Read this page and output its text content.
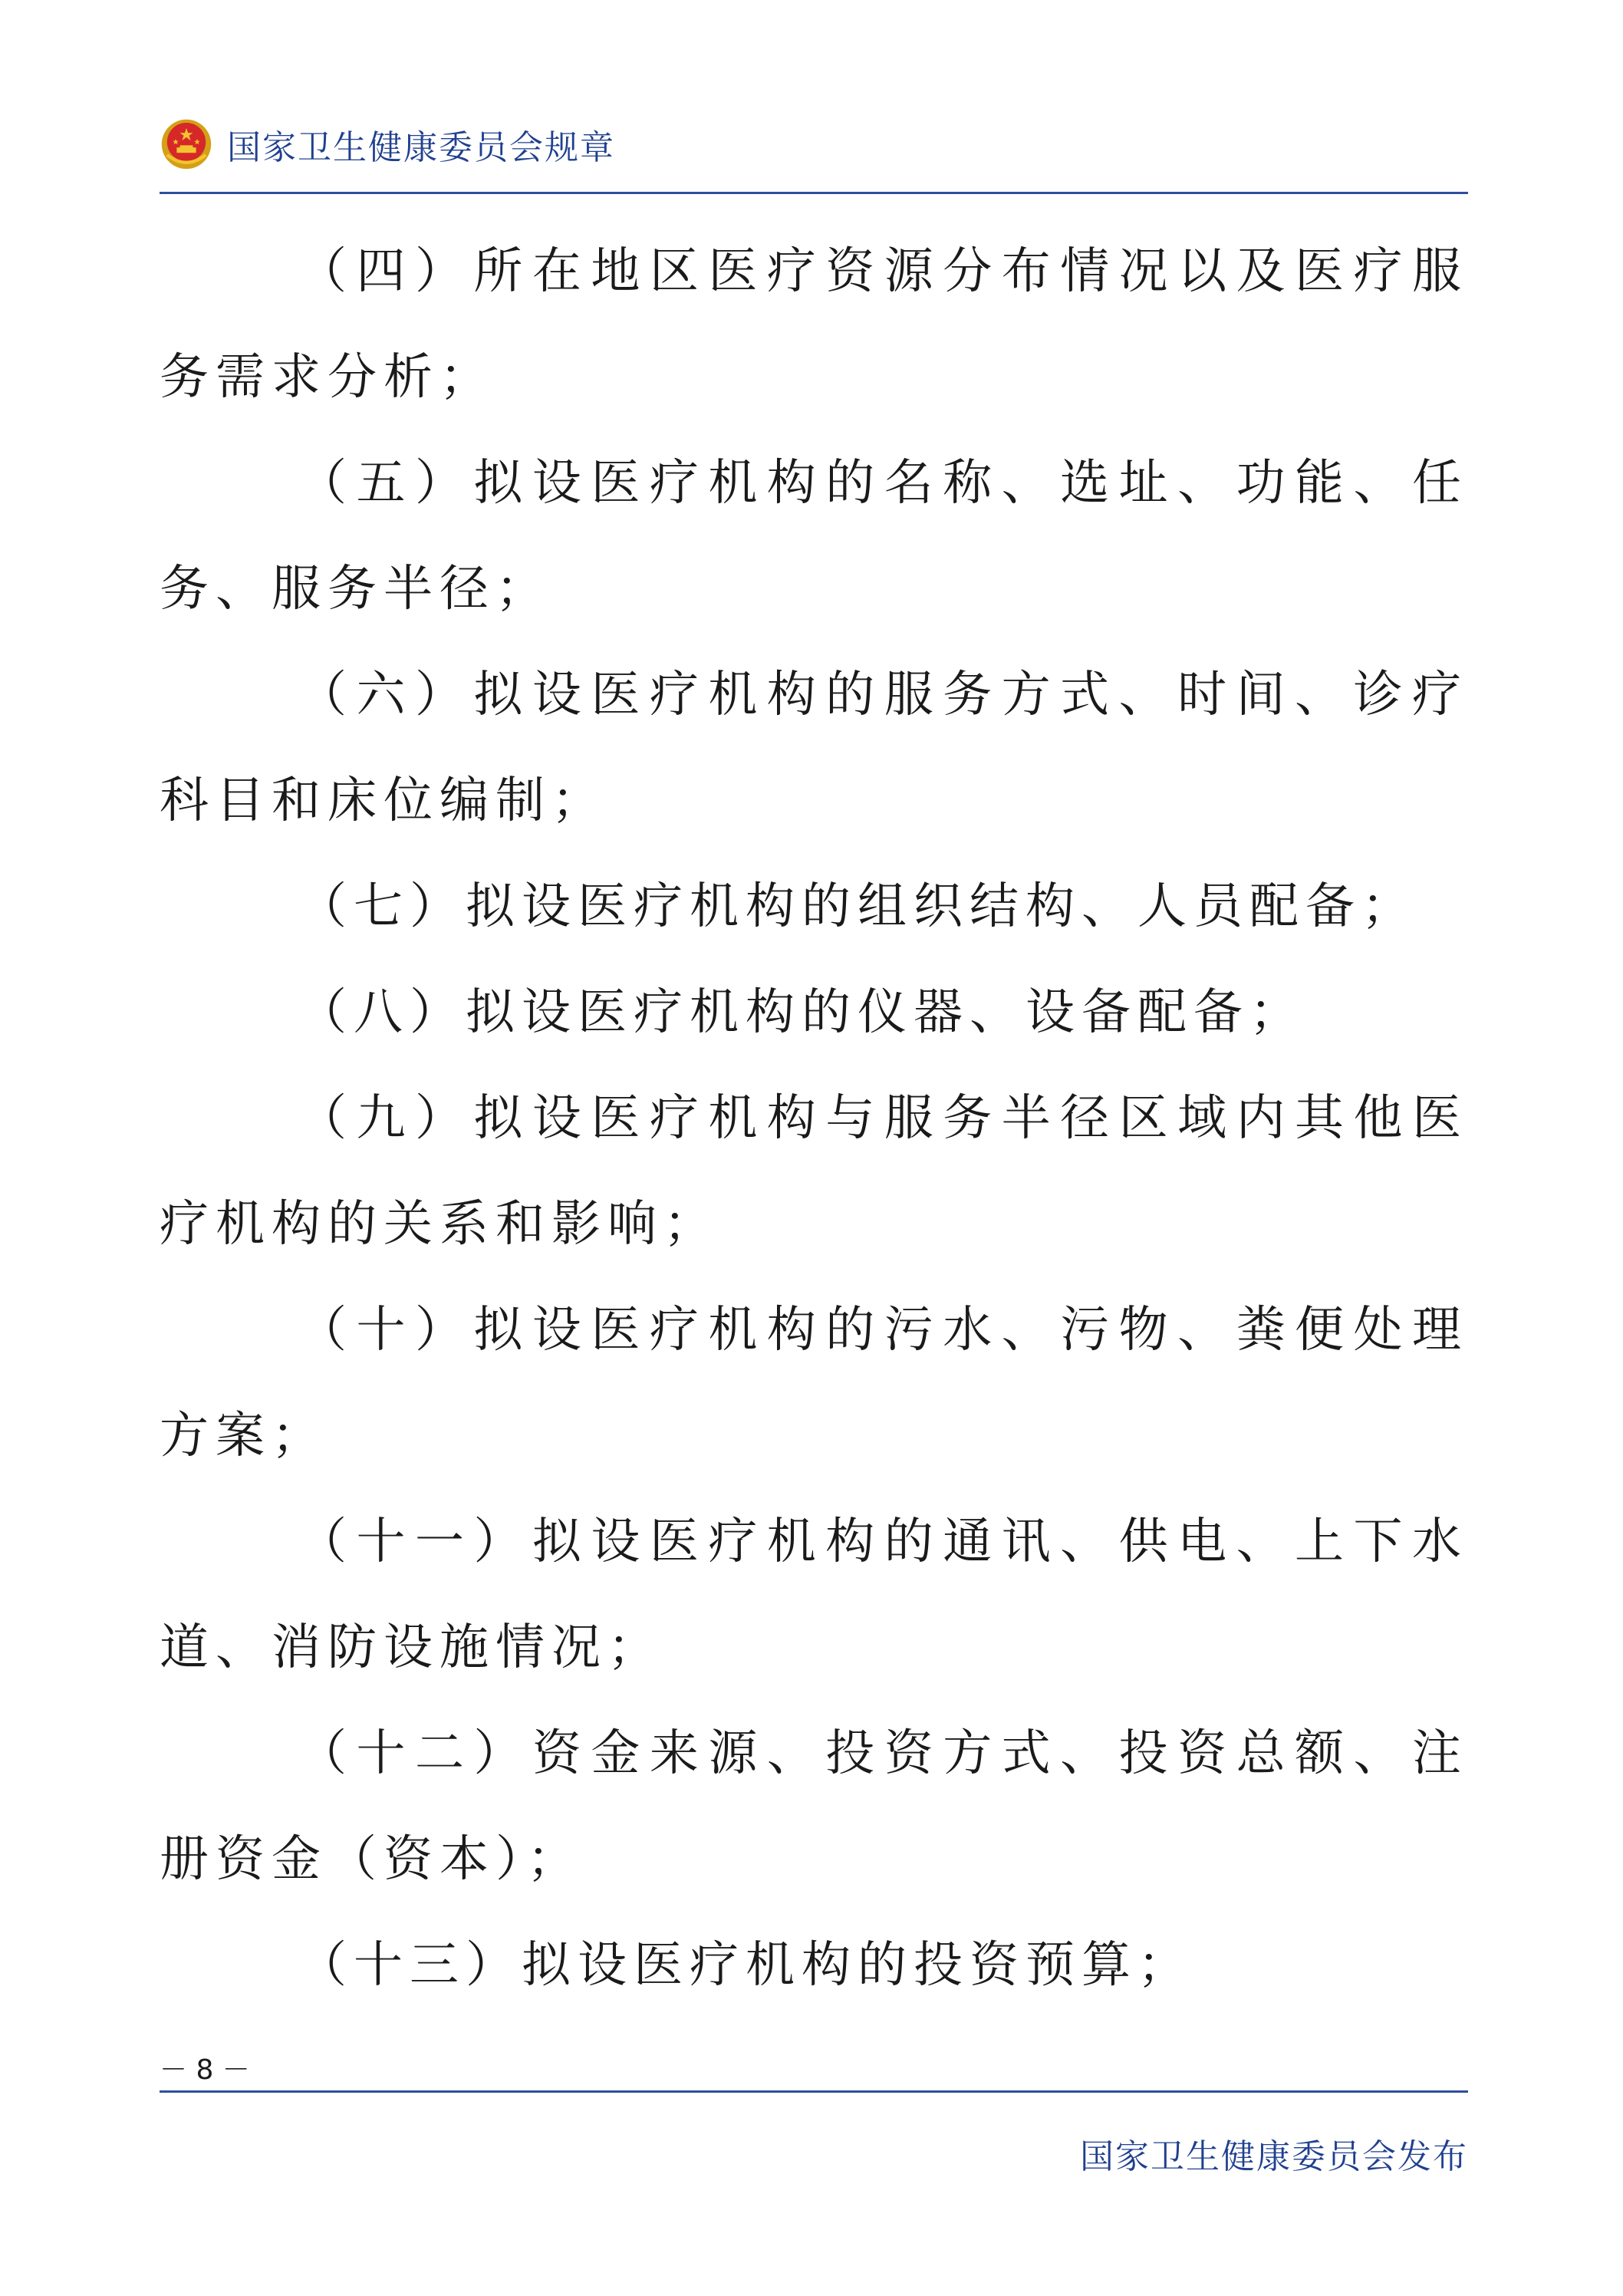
国家卫生健康委员会规章

（四）所在地区医疗资源分布情况以及医疗服务需求分析；

（五）拟设医疗机构的名称、选址、功能、任务、服务半径；

（六）拟设医疗机构的服务方式、时间、诊疗科目和床位编制；

（七）拟设医疗机构的组织结构、人员配备；

（八）拟设医疗机构的仪器、设备配备；

（九）拟设医疗机构与服务半径区域内其他医疗机构的关系和影响；

（十）拟设医疗机构的污水、污物、粪便处理方案；

（十一）拟设医疗机构的通讯、供电、上下水道、消防设施情况；

（十二）资金来源、投资方式、投资总额、注册资金（资本）；

（十三）拟设医疗机构的投资预算；

－ 8 －
国家卫生健康委员会发布
